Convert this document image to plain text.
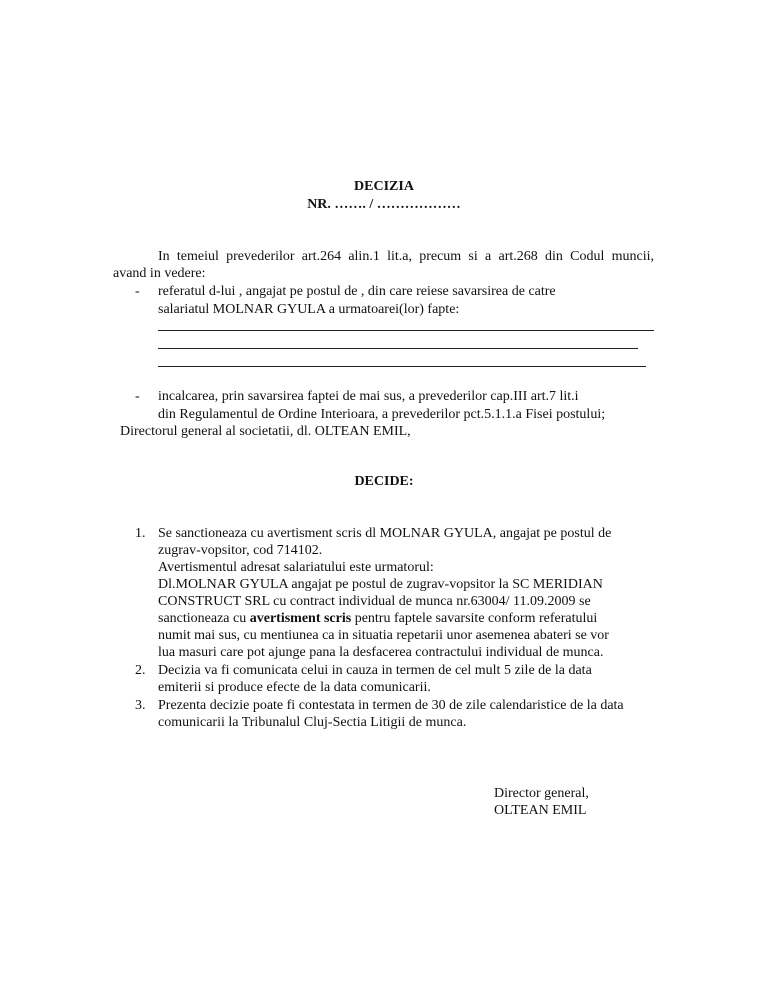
DECIZIA
NR. ……. / ………………
In temeiul prevederilor art.264 alin.1 lit.a, precum si a art.268 din Codul muncii,
avand in vedere:
- referatul d-lui , angajat pe postul de , din care reiese savarsirea de catre
salariatul MOLNAR GYULA a urmatoarei(lor) fapte:
- incalcarea, prin savarsirea faptei de mai sus, a prevederilor cap.III art.7 lit.i
din Regulamentul de Ordine Interioara, a prevederilor pct.5.1.1.a Fisei postului;
Directorul general al societatii, dl. OLTEAN EMIL,
DECIDE:
1. Se sanctioneaza cu avertisment scris dl MOLNAR GYULA, angajat pe postul de
zugrav-vopsitor, cod 714102.
Avertismentul adresat salariatului este urmatorul:
Dl.MOLNAR GYULA angajat pe postul de zugrav-vopsitor la SC MERIDIAN
CONSTRUCT SRL cu contract individual de munca nr.63004/ 11.09.2009 se
sanctioneaza cu avertisment scris pentru faptele savarsite conform referatului
numit mai sus, cu mentiunea ca in situatia repetarii unor asemenea abateri se vor
lua masuri care pot ajunge pana la desfacerea contractului individual de munca.
2. Decizia va fi comunicata celui in cauza in termen de cel mult 5 zile de la data
emiterii si produce efecte de la data comunicarii.
3. Prezenta decizie poate fi contestata in termen de 30 de zile calendaristice de la data
comunicarii la Tribunalul Cluj-Sectia Litigii de munca.
Director general,
OLTEAN EMIL
